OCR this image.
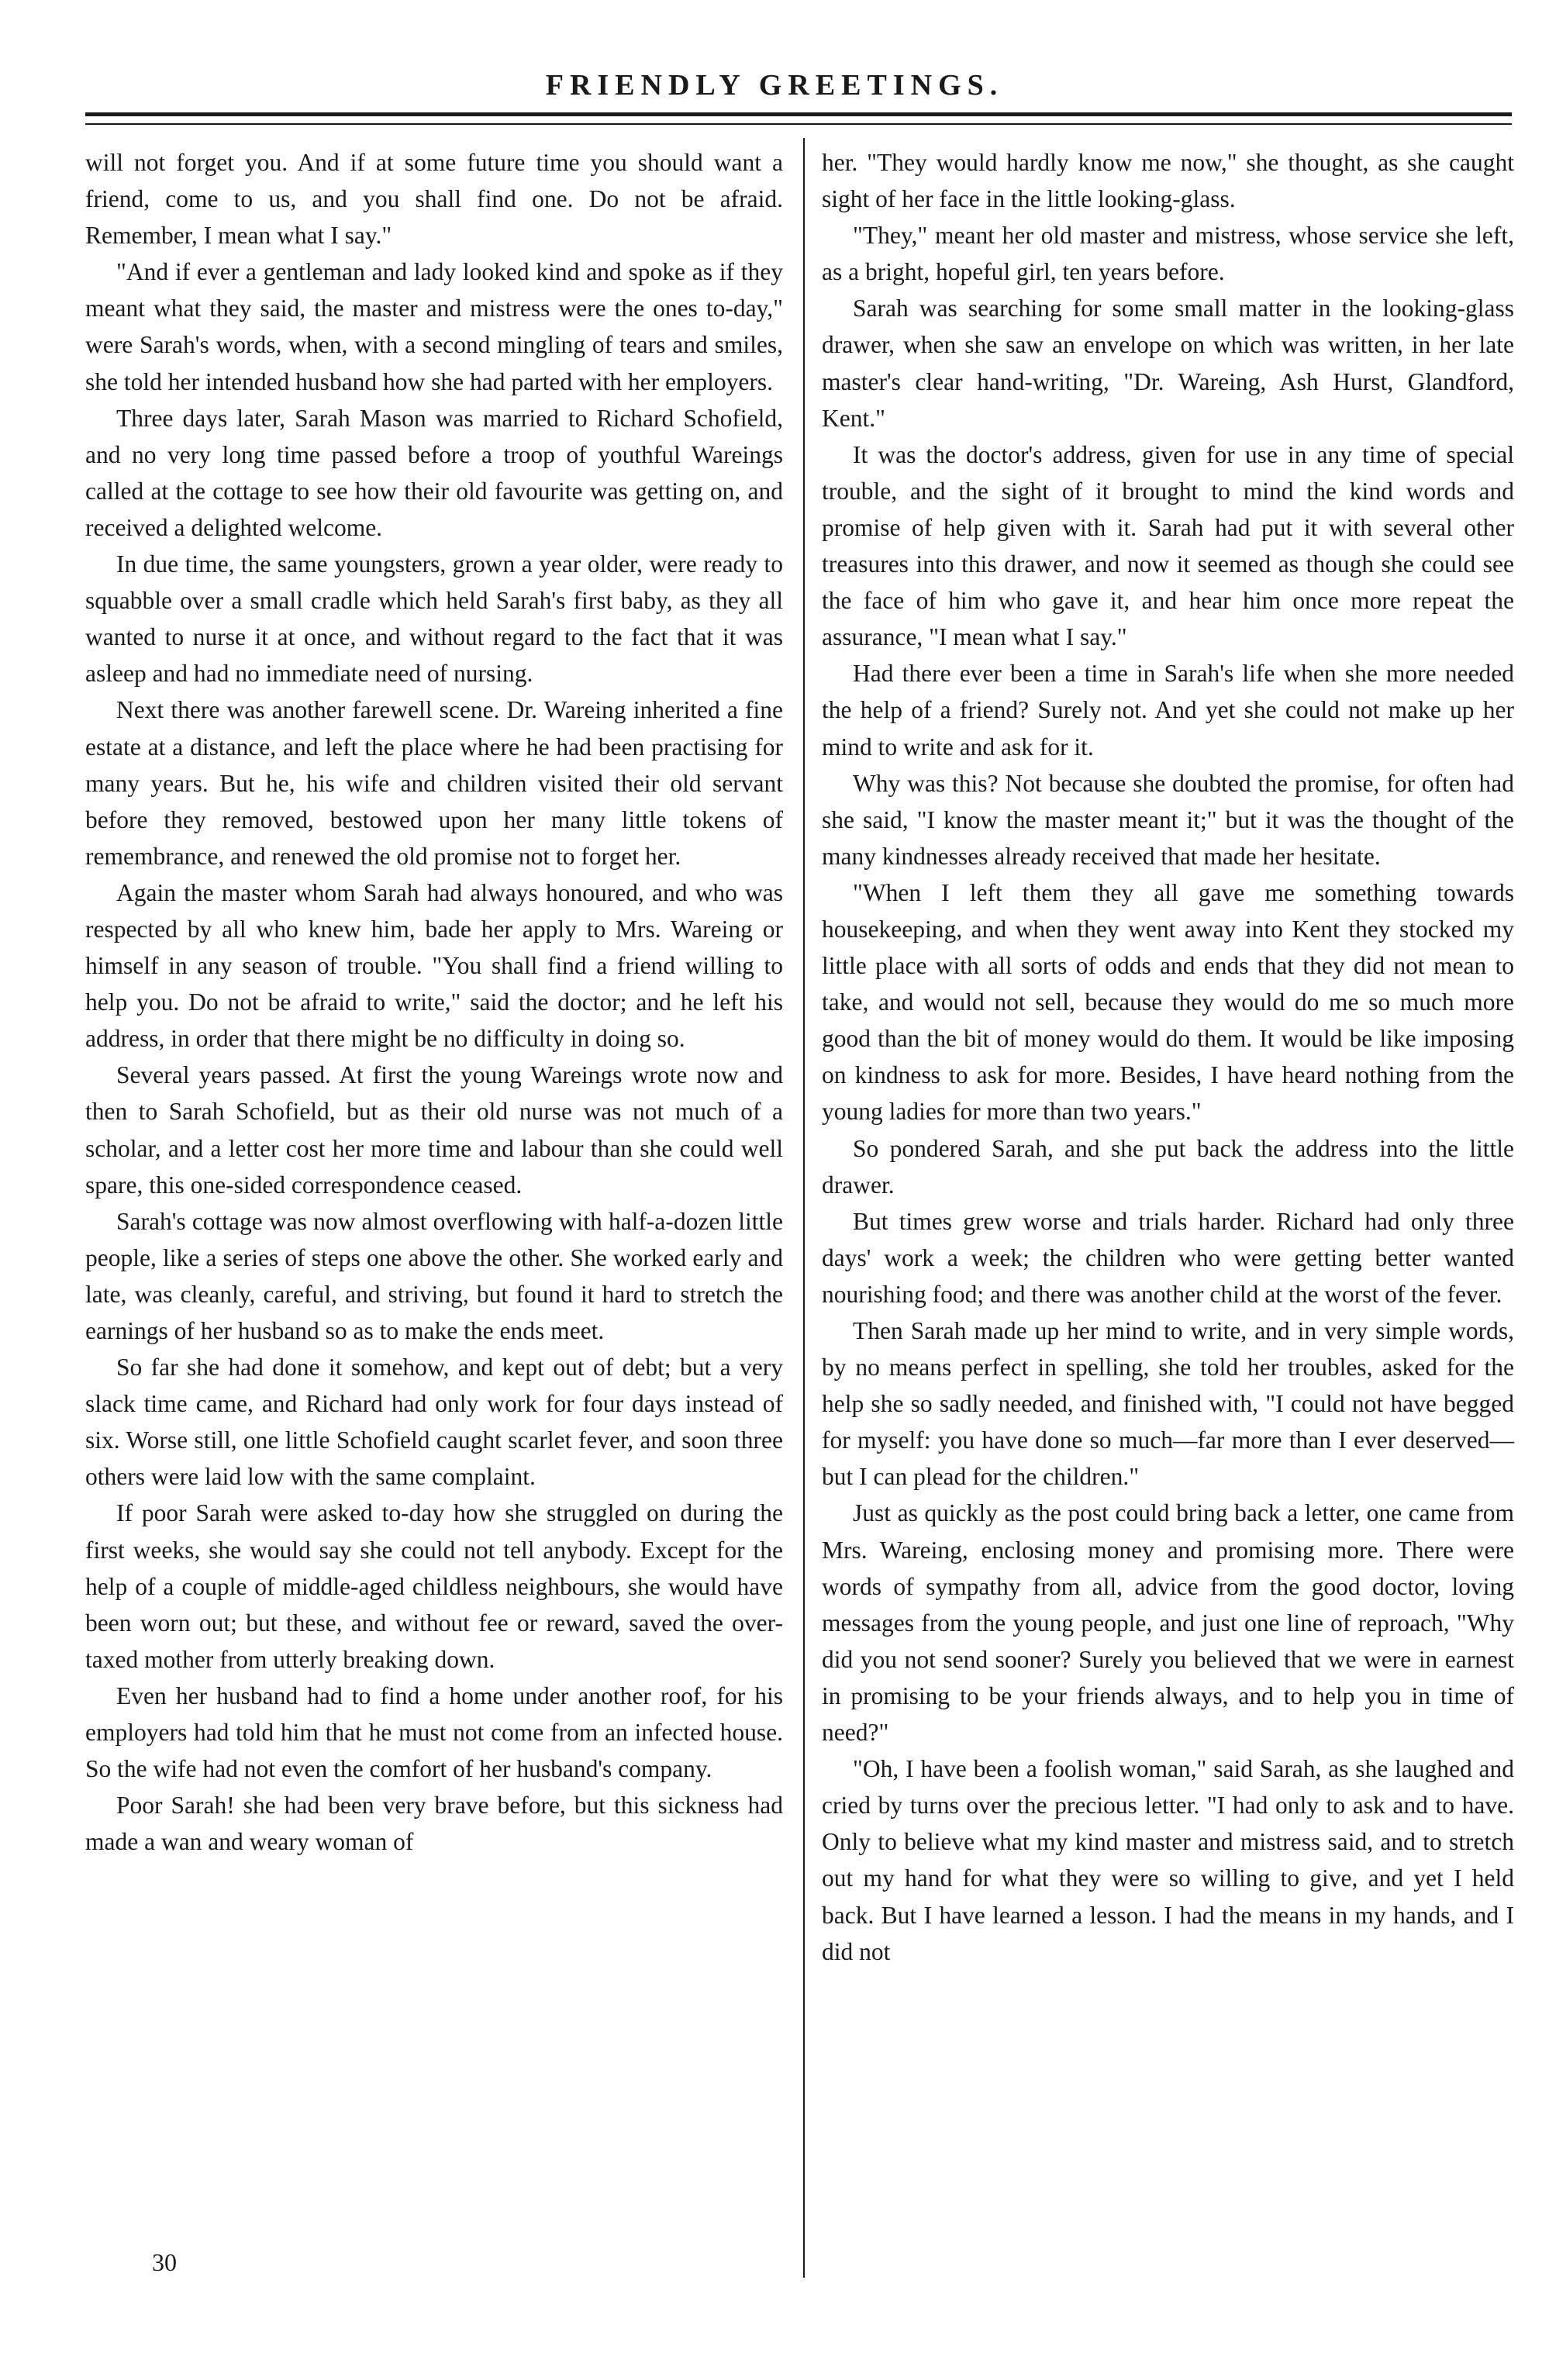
FRIENDLY GREETINGS.

will not forget you. And if at some future time you should want a friend, come to us, and you shall find one. Do not be afraid. Remember, I mean what I say."

"And if ever a gentleman and lady looked kind and spoke as if they meant what they said, the master and mistress were the ones to-day," were Sarah's words, when, with a second mingling of tears and smiles, she told her intended husband how she had parted with her employers.

Three days later, Sarah Mason was married to Richard Schofield, and no very long time passed before a troop of youthful Wareings called at the cottage to see how their old favourite was getting on, and received a delighted welcome.

In due time, the same youngsters, grown a year older, were ready to squabble over a small cradle which held Sarah's first baby, as they all wanted to nurse it at once, and without regard to the fact that it was asleep and had no immediate need of nursing.

Next there was another farewell scene. Dr. Wareing inherited a fine estate at a distance, and left the place where he had been practising for many years. But he, his wife and children visited their old servant before they removed, bestowed upon her many little tokens of remembrance, and renewed the old promise not to forget her.

Again the master whom Sarah had always honoured, and who was respected by all who knew him, bade her apply to Mrs. Wareing or himself in any season of trouble. "You shall find a friend willing to help you. Do not be afraid to write," said the doctor; and he left his address, in order that there might be no difficulty in doing so.

Several years passed. At first the young Wareings wrote now and then to Sarah Schofield, but as their old nurse was not much of a scholar, and a letter cost her more time and labour than she could well spare, this one-sided correspondence ceased.

Sarah's cottage was now almost overflowing with half-a-dozen little people, like a series of steps one above the other. She worked early and late, was cleanly, careful, and striving, but found it hard to stretch the earnings of her husband so as to make the ends meet.

So far she had done it somehow, and kept out of debt; but a very slack time came, and Richard had only work for four days instead of six. Worse still, one little Schofield caught scarlet fever, and soon three others were laid low with the same complaint.

If poor Sarah were asked to-day how she struggled on during the first weeks, she would say she could not tell anybody. Except for the help of a couple of middle-aged childless neighbours, she would have been worn out; but these, and without fee or reward, saved the over-taxed mother from utterly breaking down.

Even her husband had to find a home under another roof, for his employers had told him that he must not come from an infected house. So the wife had not even the comfort of her husband's company.

Poor Sarah! she had been very brave before, but this sickness had made a wan and weary woman of

her. "They would hardly know me now," she thought, as she caught sight of her face in the little looking-glass.

"They," meant her old master and mistress, whose service she left, as a bright, hopeful girl, ten years before.

Sarah was searching for some small matter in the looking-glass drawer, when she saw an envelope on which was written, in her late master's clear hand-writing, "Dr. Wareing, Ash Hurst, Glandford, Kent."

It was the doctor's address, given for use in any time of special trouble, and the sight of it brought to mind the kind words and promise of help given with it. Sarah had put it with several other treasures into this drawer, and now it seemed as though she could see the face of him who gave it, and hear him once more repeat the assurance, "I mean what I say."

Had there ever been a time in Sarah's life when she more needed the help of a friend? Surely not. And yet she could not make up her mind to write and ask for it.

Why was this? Not because she doubted the promise, for often had she said, "I know the master meant it;" but it was the thought of the many kindnesses already received that made her hesitate.

"When I left them they all gave me something towards housekeeping, and when they went away into Kent they stocked my little place with all sorts of odds and ends that they did not mean to take, and would not sell, because they would do me so much more good than the bit of money would do them. It would be like imposing on kindness to ask for more. Besides, I have heard nothing from the young ladies for more than two years."

So pondered Sarah, and she put back the address into the little drawer.

But times grew worse and trials harder. Richard had only three days' work a week; the children who were getting better wanted nourishing food; and there was another child at the worst of the fever.

Then Sarah made up her mind to write, and in very simple words, by no means perfect in spelling, she told her troubles, asked for the help she so sadly needed, and finished with, "I could not have begged for myself: you have done so much—far more than I ever deserved—but I can plead for the children."

Just as quickly as the post could bring back a letter, one came from Mrs. Wareing, enclosing money and promising more. There were words of sympathy from all, advice from the good doctor, loving messages from the young people, and just one line of reproach, "Why did you not send sooner? Surely you believed that we were in earnest in promising to be your friends always, and to help you in time of need?"

"Oh, I have been a foolish woman," said Sarah, as she laughed and cried by turns over the precious letter. "I had only to ask and to have. Only to believe what my kind master and mistress said, and to stretch out my hand for what they were so willing to give, and yet I held back. But I have learned a lesson. I had the means in my hands, and I did not

30
